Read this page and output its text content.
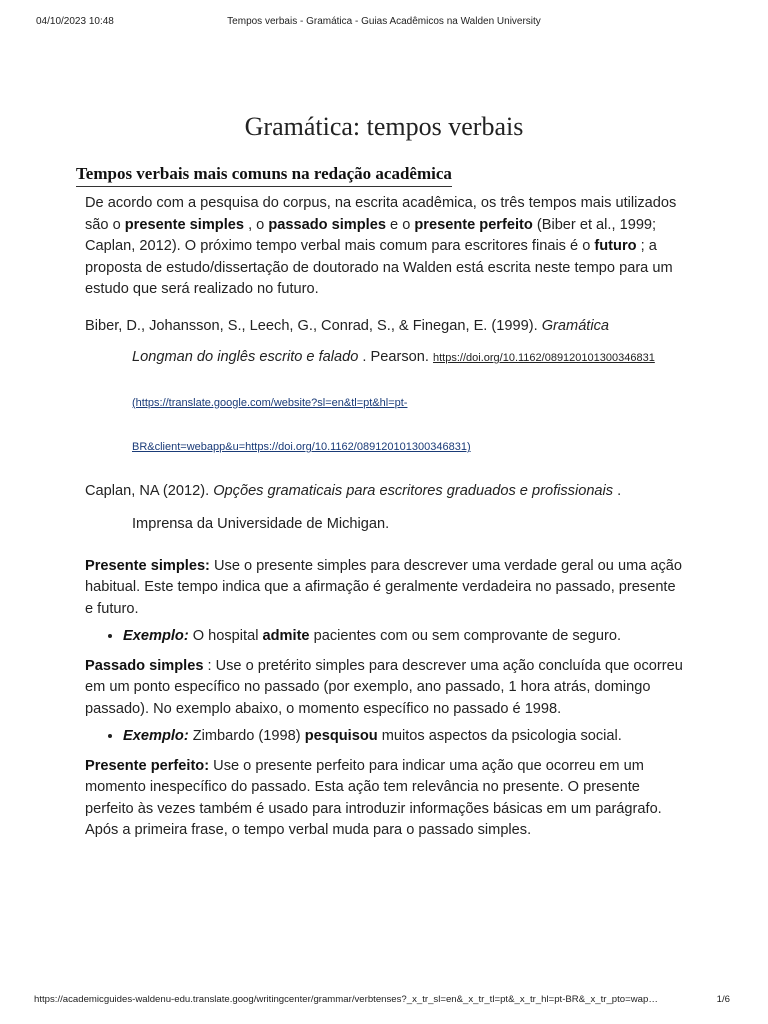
04/10/2023 10:48	Tempos verbais - Gramática - Guias Acadêmicos na Walden University
Gramática: tempos verbais
Tempos verbais mais comuns na redação acadêmica

De acordo com a pesquisa do corpus, na escrita acadêmica, os três tempos mais utilizados são o presente simples , o passado simples e o presente perfeito (Biber et al., 1999; Caplan, 2012). O próximo tempo verbal mais comum para escritores finais é o futuro ; a proposta de estudo/dissertação de doutorado na Walden está escrita neste tempo para um estudo que será realizado no futuro.

Biber, D., Johansson, S., Leech, G., Conrad, S., & Finegan, E. (1999). Gramática

Longman do inglês escrito e falado . Pearson. https://doi.org/10.1162/089120101300346831
(https://translate.google.com/website?sl=en&tl=pt&hl=pt-
BR&client=webapp&u=https://doi.org/10.1162/089120101300346831)

Caplan, NA (2012). Opções gramaticais para escritores graduados e profissionais .

Imprensa da Universidade de Michigan.

Presente simples: Use o presente simples para descrever uma verdade geral ou uma ação habitual. Este tempo indica que a afirmação é geralmente verdadeira no passado, presente e futuro.

• Exemplo: O hospital admite pacientes com ou sem comprovante de seguro.

Passado simples : Use o pretérito simples para descrever uma ação concluída que ocorreu em um ponto específico no passado (por exemplo, ano passado, 1 hora atrás, domingo passado). No exemplo abaixo, o momento específico no passado é 1998.

• Exemplo: Zimbardo (1998) pesquisou muitos aspectos da psicologia social.

Presente perfeito: Use o presente perfeito para indicar uma ação que ocorreu em um momento inespecífico do passado. Esta ação tem relevância no presente. O presente perfeito às vezes também é usado para introduzir informações básicas em um parágrafo. Após a primeira frase, o tempo verbal muda para o passado simples.

https://academicguides-waldenu-edu.translate.goog/writingcenter/grammar/verbtenses?_x_tr_sl=en&_x_tr_tl=pt&_x_tr_hl=pt-BR&_x_tr_pto=wap…	1/6
